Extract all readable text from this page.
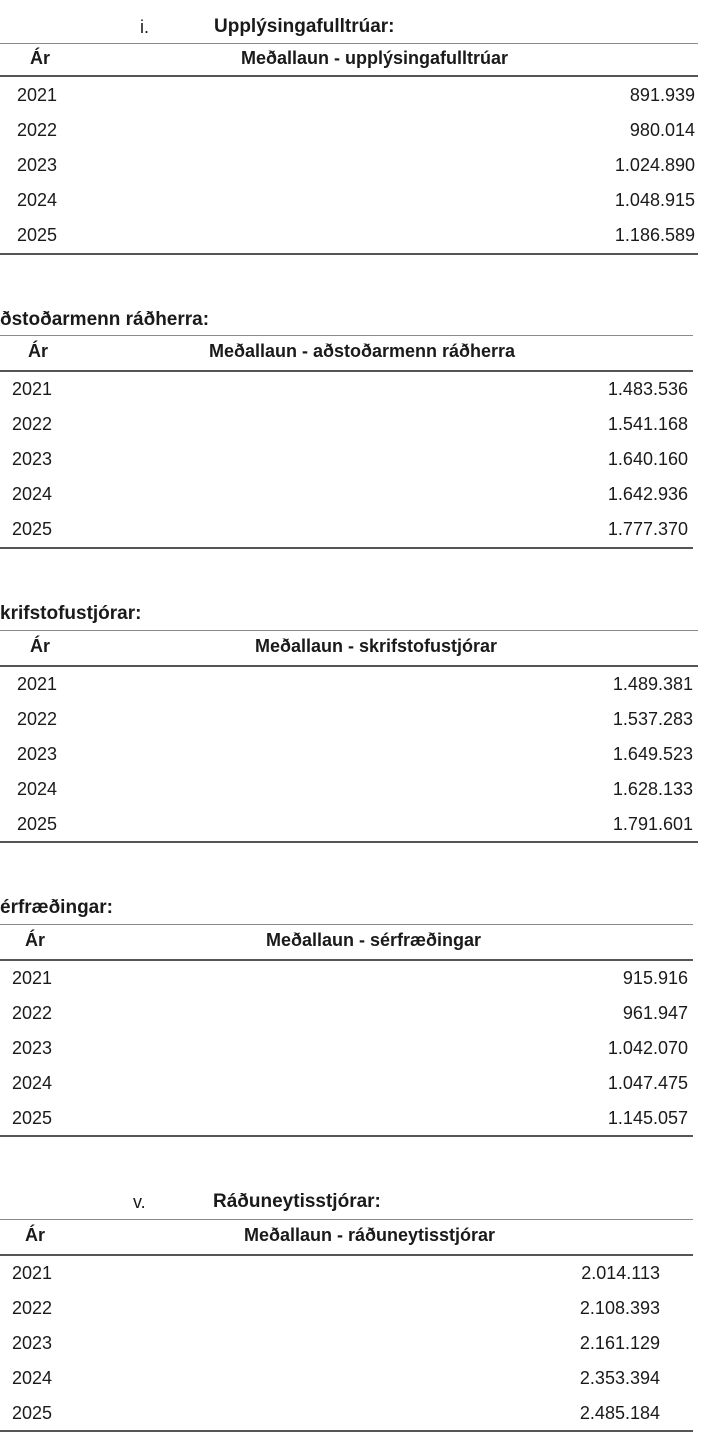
i.	Upplýsingafulltrúar:
Ár	Meðallaun - upplýsingafulltrúar
2021	891.939
2022	980.014
2023	1.024.890
2024	1.048.915
2025	1.186.589
ðstoðarmenn ráðherra:
Ár	Meðallaun - aðstoðarmenn ráðherra
2021	1.483.536
2022	1.541.168
2023	1.640.160
2024	1.642.936
2025	1.777.370
krifstofustjórar:
Ár	Meðallaun - skrifstofustjórar
2021	1.489.381
2022	1.537.283
2023	1.649.523
2024	1.628.133
2025	1.791.601
érfræðingar:
Ár	Meðallaun - sérfræðingar
2021	915.916
2022	961.947
2023	1.042.070
2024	1.047.475
2025	1.145.057
v.	Ráðuneytisstjórar:
Ár	Meðallaun - ráðuneytisstjórar
2021	2.014.113
2022	2.108.393
2023	2.161.129
2024	2.353.394
2025	2.485.184
